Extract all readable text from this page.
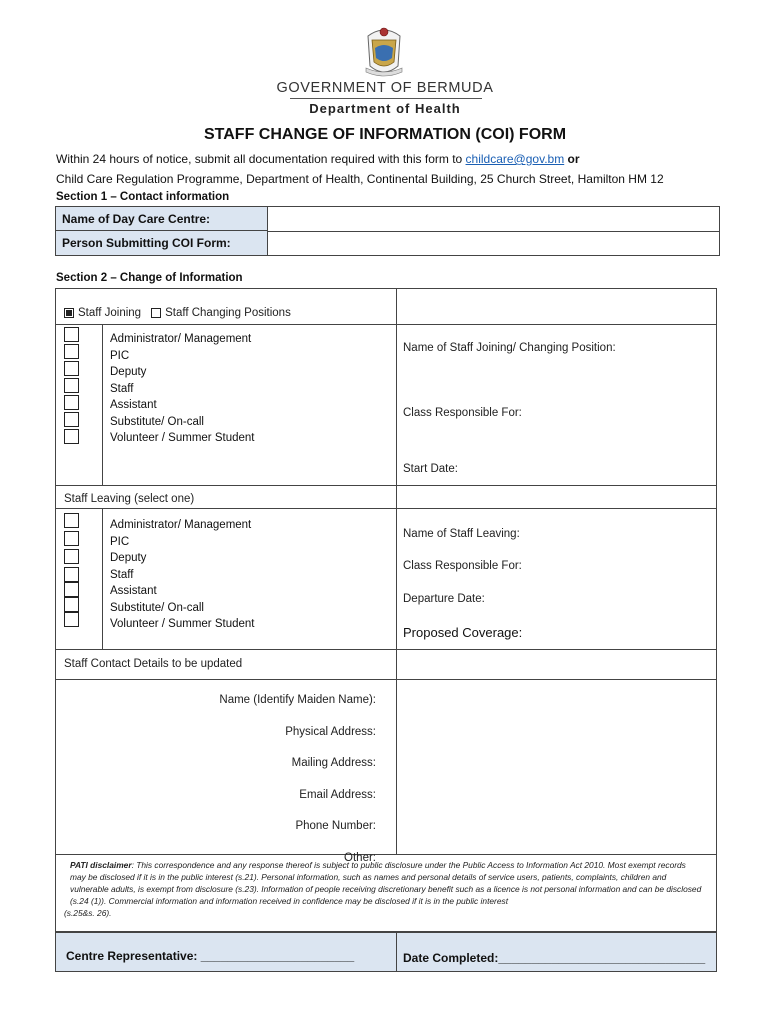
GOVERNMENT OF BERMUDA
Department of Health
STAFF CHANGE OF INFORMATION (COI) FORM
Within 24 hours of notice, submit all documentation required with this form to childcare@gov.bm or
Child Care Regulation Programme, Department of Health, Continental Building, 25 Church Street, Hamilton HM 12
Section 1 – Contact information
Name of Day Care Centre:
Person Submitting COI Form:
Section 2 – Change of Information
Staff Joining Staff Changing Positions
Administrator/ Management
PIC
Deputy
Staff
Assistant
Substitute/ On-call
Volunteer / Summer Student
Name of Staff Joining/ Changing Position:
Class Responsible For:
Start Date:
Staff Leaving (select one)
Administrator/ Management
PIC
Deputy
Staff
Assistant
Substitute/ On-call
Volunteer / Summer Student
Name of Staff Leaving:
Class Responsible For:
Departure Date:
Proposed Coverage:
Staff Contact Details to be updated
Name (Identify Maiden Name):
Physical Address:
Mailing Address:
Email Address:
Phone Number:
Other:
PATI disclaimer: This correspondence and any response thereof is subject to public disclosure under the Public Access to Information Act 2010. Most exempt records may be disclosed if it is in the public interest (s.21). Personal information, such as names and personal details of service users, patients, complaints, children and vulnerable adults, is exempt from disclosure (s.23). Information of people receiving discretionary benefit such as a licence is not personal information and can be disclosed (s.24 (1)). Commercial information and information received in confidence may be disclosed if it is in the public interest
(s.25&s. 26).
Centre Representative: _______________________	Date Completed:_______________________________
